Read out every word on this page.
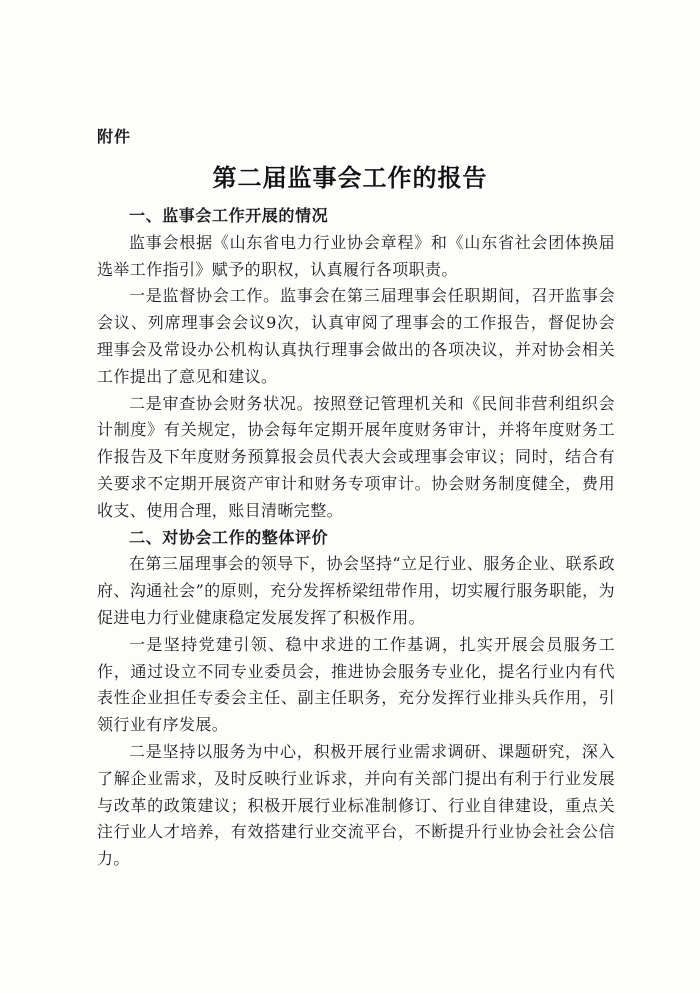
附件
第二届监事会工作的报告
一、监事会工作开展的情况

监事会根据《山东省电力行业协会章程》和《山东省社会团体换届选举工作指引》赋予的职权，认真履行各项职责。

一是监督协会工作。监事会在第三届理事会任职期间，召开监事会会议、列席理事会会议9次，认真审阅了理事会的工作报告，督促协会理事会及常设办公机构认真执行理事会做出的各项决议，并对协会相关工作提出了意见和建议。

二是审查协会财务状况。按照登记管理机关和《民间非营利组织会计制度》有关规定，协会每年定期开展年度财务审计，并将年度财务工作报告及下年度财务预算报会员代表大会或理事会审议；同时，结合有关要求不定期开展资产审计和财务专项审计。协会财务制度健全，费用收支、使用合理，账目清晰完整。

二、对协会工作的整体评价

在第三届理事会的领导下，协会坚持“立足行业、服务企业、联系政府、沟通社会”的原则，充分发挥桥梁纽带作用，切实履行服务职能，为促进电力行业健康稳定发展发挥了积极作用。

一是坚持党建引领、稳中求进的工作基调，扎实开展会员服务工作，通过设立不同专业委员会，推进协会服务专业化，提名行业内有代表性企业担任专委会主任、副主任职务，充分发挥行业排头兵作用，引领行业有序发展。

二是坚持以服务为中心，积极开展行业需求调研、课题研究，深入了解企业需求，及时反映行业诉求，并向有关部门提出有利于行业发展与改革的政策建议；积极开展行业标准制修订、行业自律建设，重点关注行业人才培养，有效搭建行业交流平台，不断提升行业协会社会公信力。
